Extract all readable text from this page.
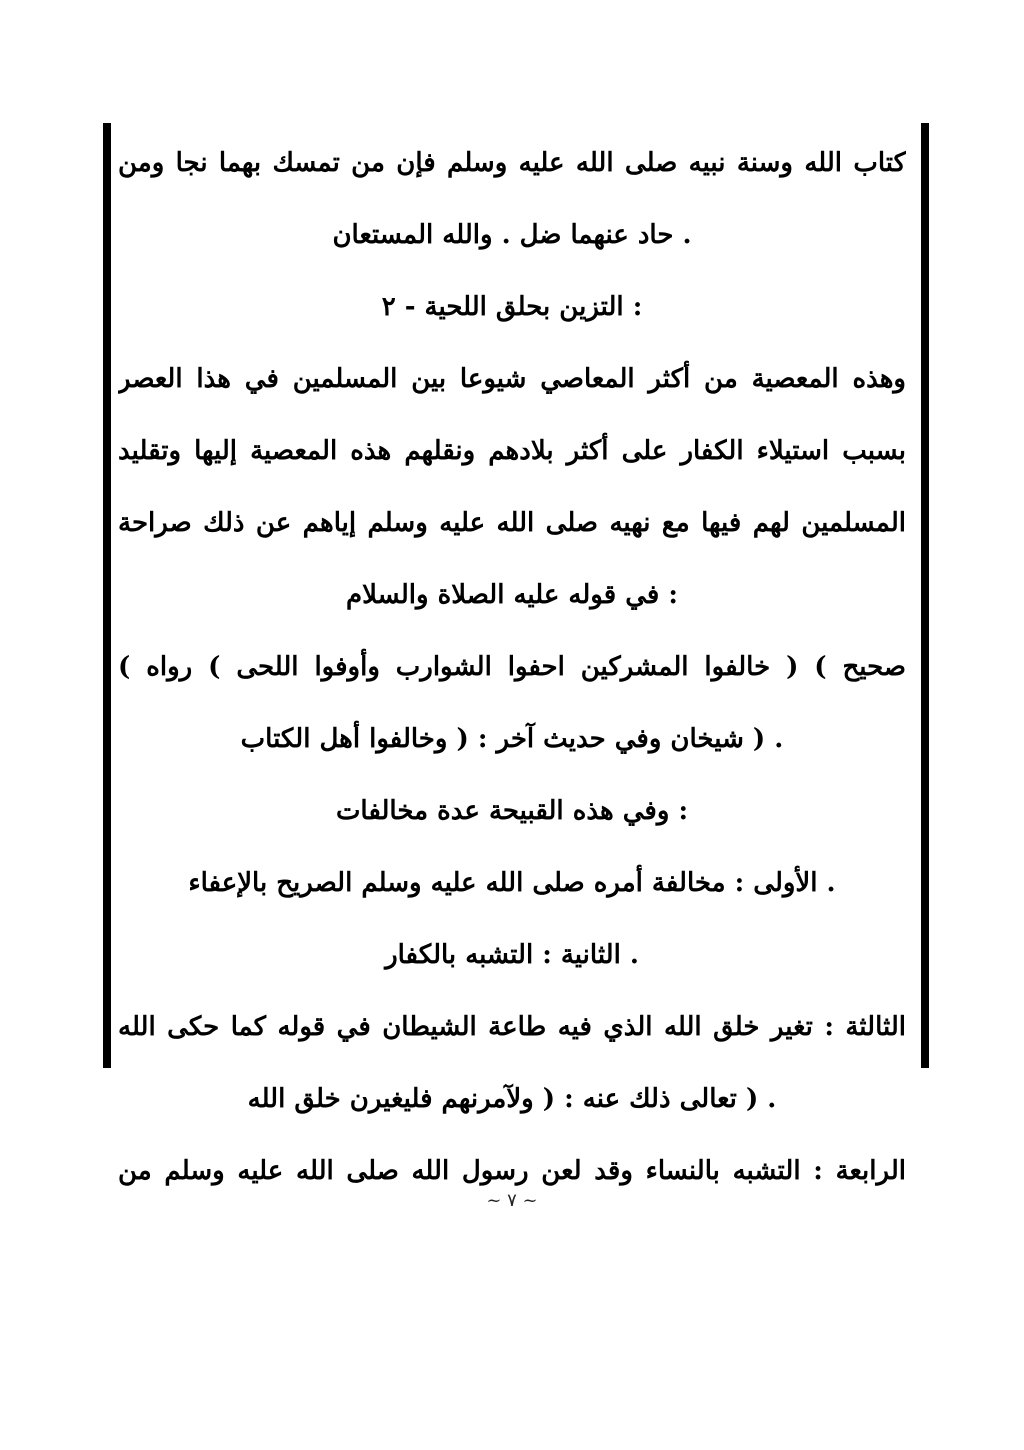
كتاب الله وسنة نبيه صلى الله عليه وسلم فإن من تمسك بهما نجا ومن
. حاد عنهما ضل . والله المستعان
: التزين بحلق اللحية - ٢
وهذه المعصية من أكثر المعاصي شيوعا بين المسلمين في هذا العصر
بسبب استيلاء الكفار على أكثر بلادهم ونقلهم هذه المعصية إليها وتقليد
المسلمين لهم فيها مع نهيه صلى الله عليه وسلم إياهم عن ذلك صراحة
: في قوله عليه الصلاة والسلام
صحيح ) ( خالفوا المشركين احفوا الشوارب وأوفوا اللحى ) رواه )
. ( شيخان وفي حديث آخر : ( وخالفوا أهل الكتاب
: وفي هذه القبيحة عدة مخالفات
. الأولى : مخالفة أمره صلى الله عليه وسلم الصريح بالإعفاء
. الثانية : التشبه بالكفار
الثالثة : تغير خلق الله الذي فيه طاعة الشيطان في قوله كما حكى الله
. ( تعالى ذلك عنه : ( ولآمرنهم فليغيرن خلق الله
الرابعة : التشبه بالنساء وقد لعن رسول الله صلى الله عليه وسلم من
~ ٧ ~
